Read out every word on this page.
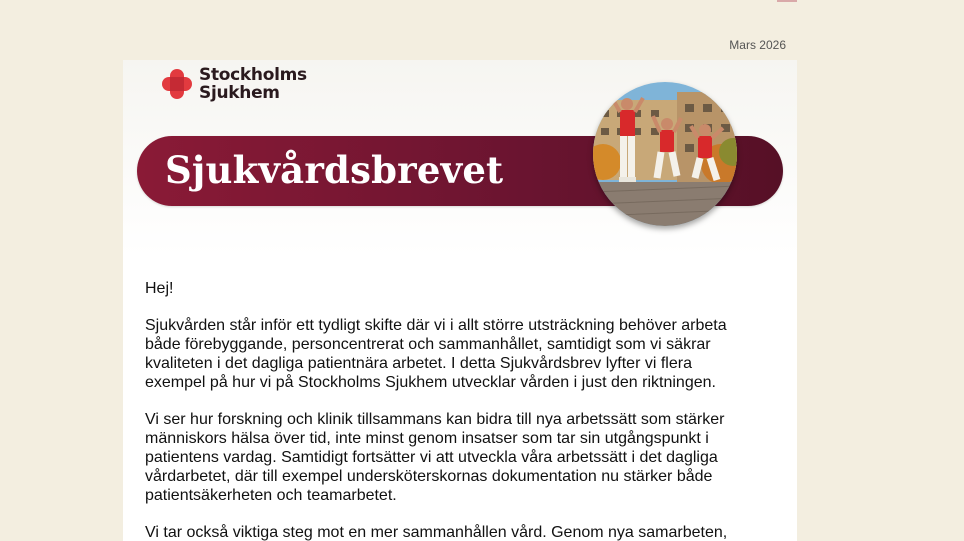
Mars 2026
Stockholms
Sjukhem
Sjukvårdsbrevet

Hej!

Sjukvården står inför ett tydligt skifte där vi i allt större utsträckning behöver arbeta både förebyggande, personcentrerat och sammanhållet, samtidigt som vi säkrar kvaliteten i det dagliga patientnära arbetet. I detta Sjukvårdsbrev lyfter vi flera exempel på hur vi på Stockholms Sjukhem utvecklar vården i just den riktningen.

Vi ser hur forskning och klinik tillsammans kan bidra till nya arbetssätt som stärker människors hälsa över tid, inte minst genom insatser som tar sin utgångspunkt i patientens vardag. Samtidigt fortsätter vi att utveckla våra arbetssätt i det dagliga vårdarbetet, där till exempel undersköterskornas dokumentation nu stärker både patientsäkerheten och teamarbetet.

Vi tar också viktiga steg mot en mer sammanhållen vård. Genom nya samarbeten,
